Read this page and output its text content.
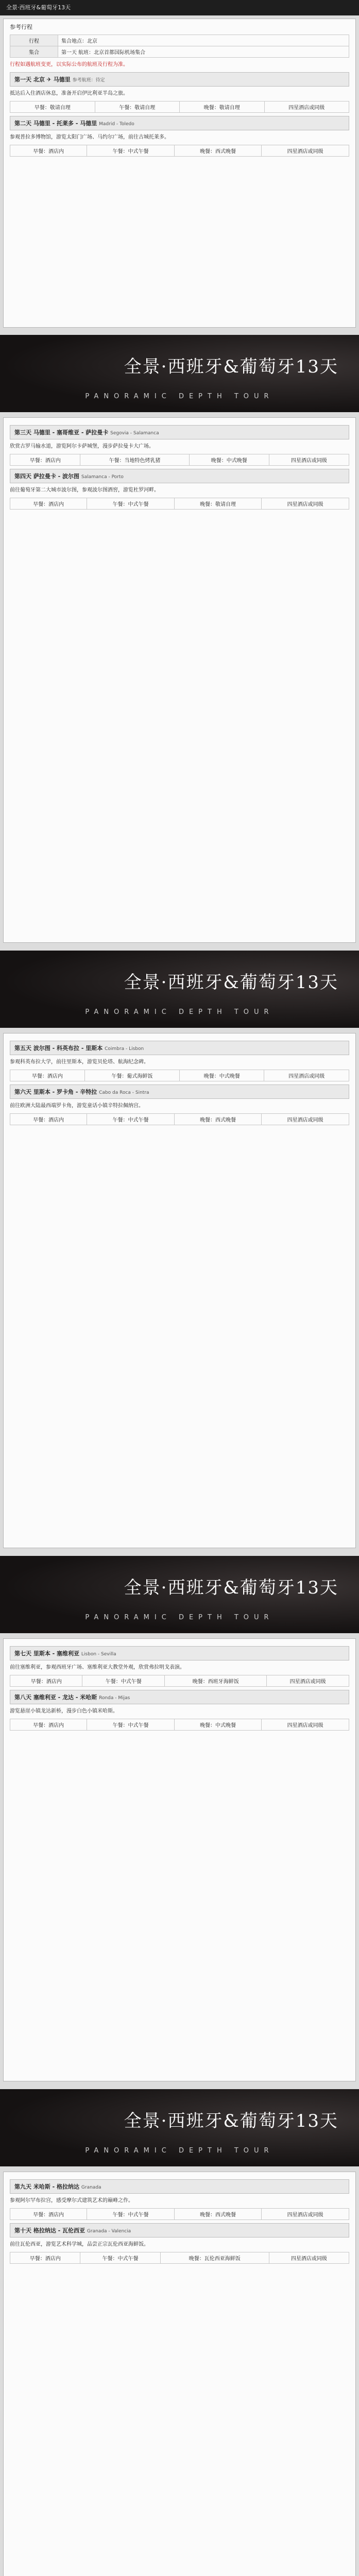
全景·西班牙&葡萄牙13天

参考行程

行程	集合地点：北京
集合	第一天 航班：北京首都国际机场集合

行程如遇航班变更，以实际公布的航班及行程为准。

第一天 北京 ✈ 马德里 参考航班：待定

抵达后入住酒店休息，准备开启伊比利亚半岛之旅。

早餐：敬请自理	午餐：敬请自理	晚餐：敬请自理	四星酒店或同级
第二天 马德里 - 托莱多 - 马德里 Madrid - Toledo

参观普拉多博物馆，游览太阳门广场、马约尔广场，前往古城托莱多。

早餐：酒店内	午餐：中式午餐	晚餐：西式晚餐	四星酒店或同级
全景·西班牙&葡萄牙13天
PANORAMIC DEPTH TOUR
第三天 马德里 - 塞哥维亚 - 萨拉曼卡 Segovia - Salamanca

欣赏古罗马输水道，游览阿尔卡萨城堡，漫步萨拉曼卡大广场。

早餐：酒店内	午餐：当地特色烤乳猪	晚餐：中式晚餐	四星酒店或同级
第四天 萨拉曼卡 - 波尔图 Salamanca - Porto

前往葡萄牙第二大城市波尔图，参观波尔图酒窖，游览杜罗河畔。

早餐：酒店内	午餐：中式午餐	晚餐：敬请自理	四星酒店或同级
全景·西班牙&葡萄牙13天
PANORAMIC DEPTH TOUR
第五天 波尔图 - 科英布拉 - 里斯本 Coimbra - Lisbon

参观科英布拉大学，前往里斯本，游览贝伦塔、航海纪念碑。

早餐：酒店内	午餐：葡式海鲜饭	晚餐：中式晚餐	四星酒店或同级
第六天 里斯本 - 罗卡角 - 辛特拉 Cabo da Roca - Sintra

前往欧洲大陆最西端罗卡角，游览童话小镇辛特拉佩纳宫。

早餐：酒店内	午餐：中式午餐	晚餐：西式晚餐	四星酒店或同级
全景·西班牙&葡萄牙13天
PANORAMIC DEPTH TOUR
第七天 里斯本 - 塞维利亚 Lisbon - Sevilla

前往塞维利亚，参观西班牙广场、塞维利亚大教堂外观，欣赏弗拉明戈表演。

早餐：酒店内	午餐：中式午餐	晚餐：西班牙海鲜饭	四星酒店或同级
第八天 塞维利亚 - 龙达 - 米哈斯 Ronda - Mijas

游览悬崖小镇龙达新桥，漫步白色小镇米哈斯。

早餐：酒店内	午餐：中式午餐	晚餐：中式晚餐	四星酒店或同级
全景·西班牙&葡萄牙13天
PANORAMIC DEPTH TOUR
第九天 米哈斯 - 格拉纳达 Granada

参观阿尔罕布拉宫，感受摩尔式建筑艺术的巅峰之作。

早餐：酒店内	午餐：中式午餐	晚餐：西式晚餐	四星酒店或同级
第十天 格拉纳达 - 瓦伦西亚 Granada - Valencia

前往瓦伦西亚，游览艺术科学城，品尝正宗瓦伦西亚海鲜饭。

早餐：酒店内	午餐：中式午餐	晚餐：瓦伦西亚海鲜饭	四星酒店或同级
